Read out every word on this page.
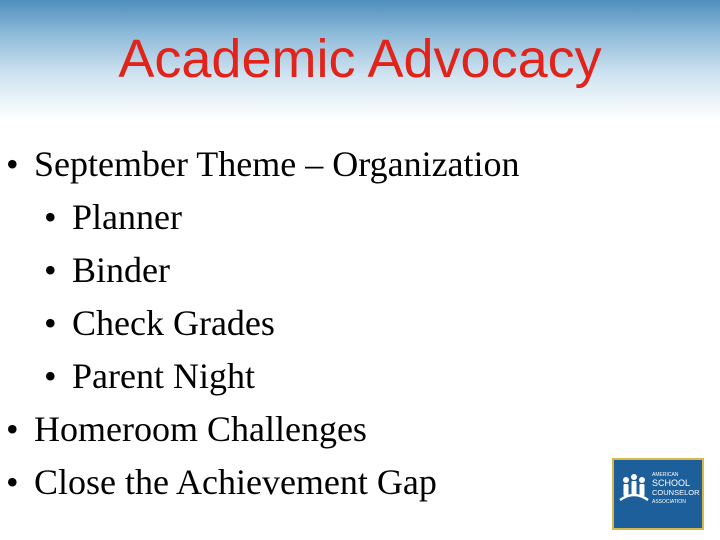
Academic Advocacy
• September Theme – Organization
• Planner
• Binder
• Check Grades
• Parent Night
• Homeroom Challenges
• Close the Achievement Gap	AMERICAN
SCHOOL
COUNSELOR
ASSOCIATION
